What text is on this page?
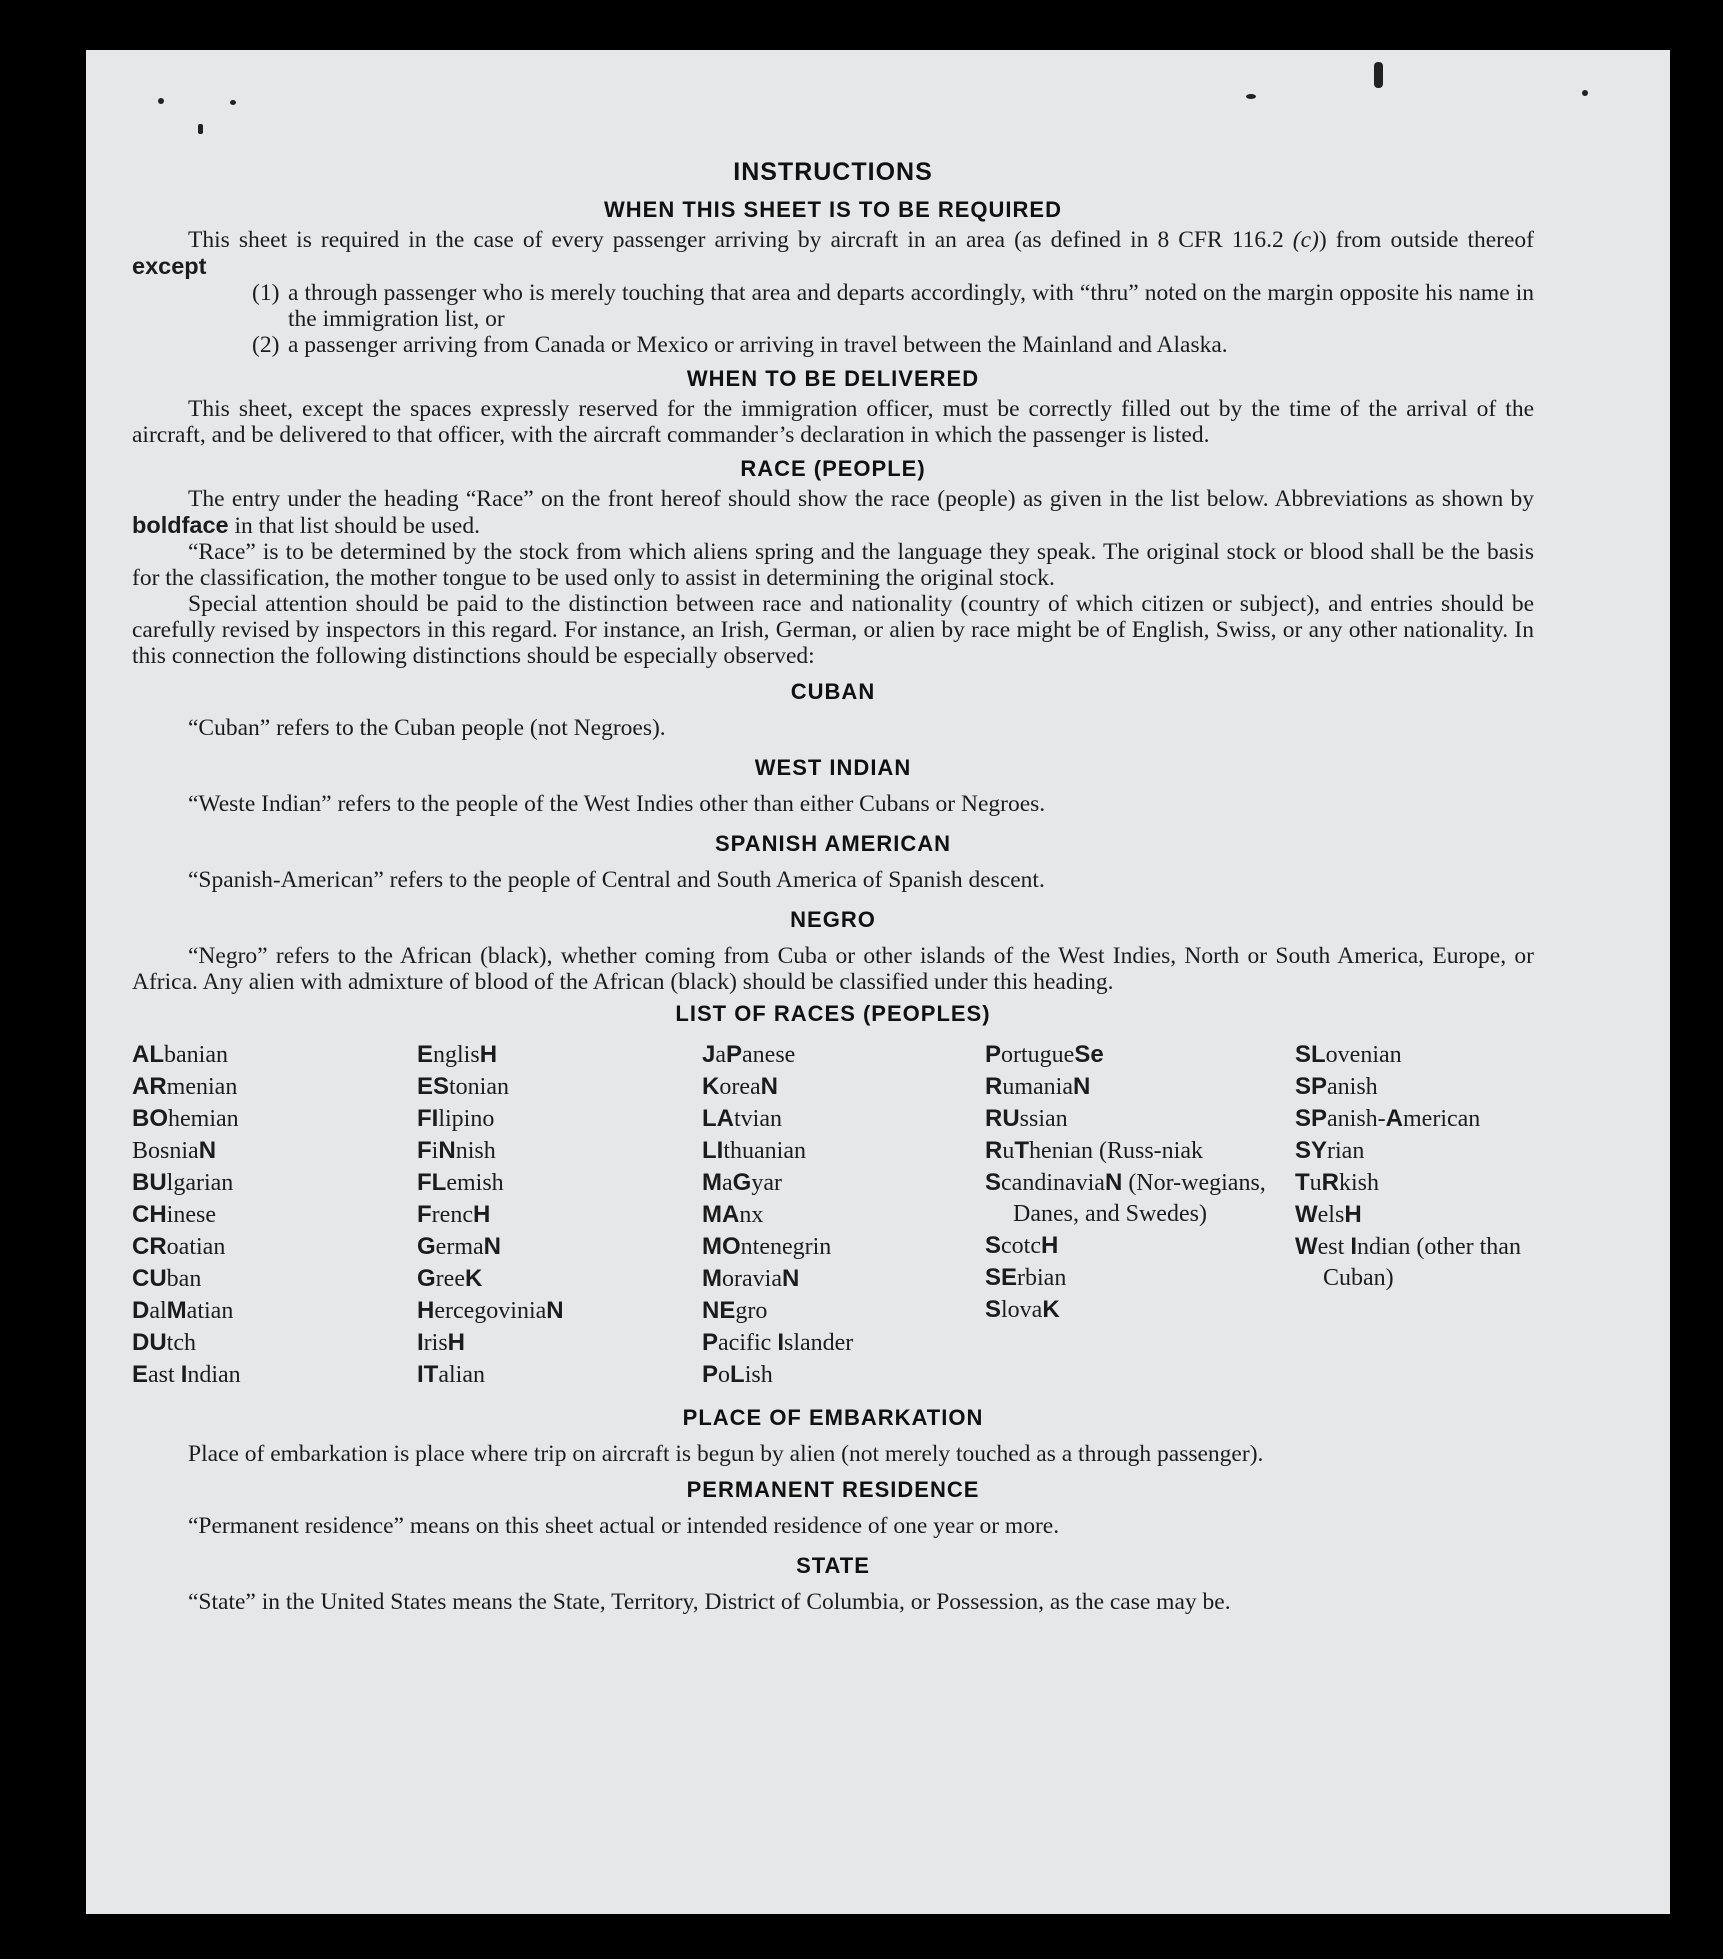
INSTRUCTIONS
WHEN THIS SHEET IS TO BE REQUIRED

This sheet is required in the case of every passenger arriving by aircraft in an area (as defined in 8 CFR 116.2 (c)) from outside thereof except

(1) a through passenger who is merely touching that area and departs accordingly, with “thru” noted on the margin opposite his name in the immigration list, or
(2) a passenger arriving from Canada or Mexico or arriving in travel between the Mainland and Alaska.
WHEN TO BE DELIVERED

This sheet, except the spaces expressly reserved for the immigration officer, must be correctly filled out by the time of the arrival of the aircraft, and be delivered to that officer, with the aircraft commander’s declaration in which the passenger is listed.

RACE (PEOPLE)

The entry under the heading “Race” on the front hereof should show the race (people) as given in the list below. Abbreviations as shown by boldface in that list should be used.

“Race” is to be determined by the stock from which aliens spring and the language they speak. The original stock or blood shall be the basis for the classification, the mother tongue to be used only to assist in determining the original stock.

Special attention should be paid to the distinction between race and nationality (country of which citizen or subject), and entries should be carefully revised by inspectors in this regard. For instance, an Irish, German, or alien by race might be of English, Swiss, or any other nationality. In this connection the following distinctions should be especially observed:

CUBAN

“Cuban” refers to the Cuban people (not Negroes).

WEST INDIAN

“Weste Indian” refers to the people of the West Indies other than either Cubans or Negroes.

SPANISH AMERICAN

“Spanish-American” refers to the people of Central and South America of Spanish descent.

NEGRO

“Negro” refers to the African (black), whether coming from Cuba or other islands of the West Indies, North or South America, Europe, or Africa. Any alien with admixture of blood of the African (black) should be classified under this heading.

LIST OF RACES (PEOPLES)
ALbanian
ARmenian
BOhemian
BosniaN
BUlgarian
CHinese
CRoatian
CUban
DalMatian
DUtch
East Indian
EnglisH
EStonian
FIlipino
FiNnish
FLemish
FrencH
GermaN
GreeK
HercegoviniaN
IrisH
ITalian
JaPanese
KoreaN
LAtvian
LIthuanian
MaGyar
MAnx
MOntenegrin
MoraviaN
NEgro
Pacific Islander
PoLish
PortugueSe
RumaniaN
RUssian
RuThenian (Russ-niak
ScandinaviaN (Nor-wegians, Danes, and Swedes)
ScotcH
SErbian
SlovaK
SLovenian
SPanish
SPanish-American
SYrian
TuRkish
WelsH
West Indian (other than Cuban)
PLACE OF EMBARKATION

Place of embarkation is place where trip on aircraft is begun by alien (not merely touched as a through passenger).

PERMANENT RESIDENCE

“Permanent residence” means on this sheet actual or intended residence of one year or more.

STATE

“State” in the United States means the State, Territory, District of Columbia, or Possession, as the case may be.
